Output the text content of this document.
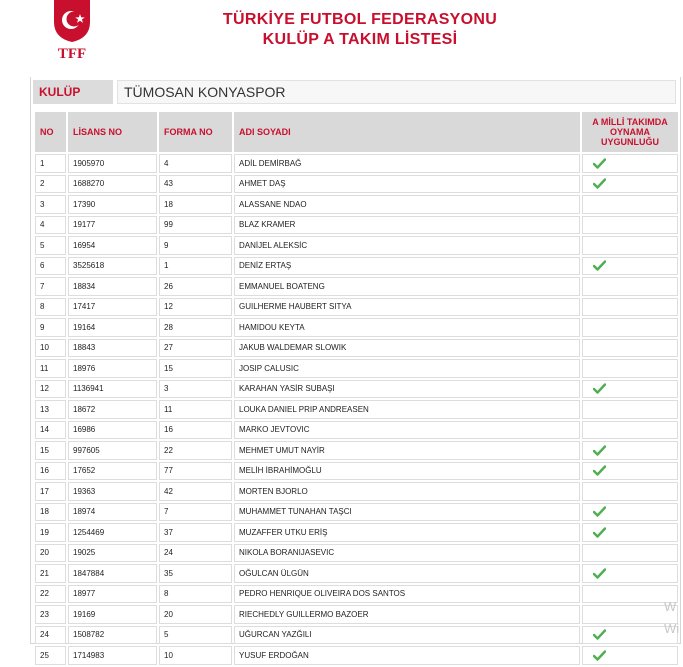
TFF
TÜRKİYE FUTBOL FEDERASYONU
KULÜP A TAKIM LİSTESİ
KULÜP	TÜMOSAN KONYASPOR
NO	LİSANS NO	FORMA NO	ADI SOYADI	A MİLLİ TAKIMDA OYNAMA UYGUNLUĞU
1	1905970	4	ADİL DEMİRBAĞ	
2	1688270	43	AHMET DAŞ	
3	17390	18	ALASSANE NDAO	
4	19177	99	BLAZ KRAMER	
5	16954	9	DANİJEL ALEKSİC	
6	3525618	1	DENİZ ERTAŞ	
7	18834	26	EMMANUEL BOATENG	
8	17417	12	GUILHERME HAUBERT SITYA	
9	19164	28	HAMIDOU KEYTA	
10	18843	27	JAKUB WALDEMAR SLOWIK	
11	18976	15	JOSIP CALUSIC	
12	1136941	3	KARAHAN YASİR SUBAŞI	
13	18672	11	LOUKA DANIEL PRIP ANDREASEN	
14	16986	16	MARKO JEVTOVIC	
15	997605	22	MEHMET UMUT NAYİR	
16	17652	77	MELİH İBRAHİMOĞLU	
17	19363	42	MORTEN BJORLO	
18	18974	7	MUHAMMET TUNAHAN TAŞCI	
19	1254469	37	MUZAFFER UTKU ERİŞ	
20	19025	24	NIKOLA BORANIJASEVIC	
21	1847884	35	OĞULCAN ÜLGÜN	
22	18977	8	PEDRO HENRIQUE OLIVEIRA DOS SANTOS	
23	19169	20	RIECHEDLY GUILLERMO BAZOER	
24	1508782	5	UĞURCAN YAZĞILI	
25	1714983	10	YUSUF ERDOĞAN	
W
Wi
